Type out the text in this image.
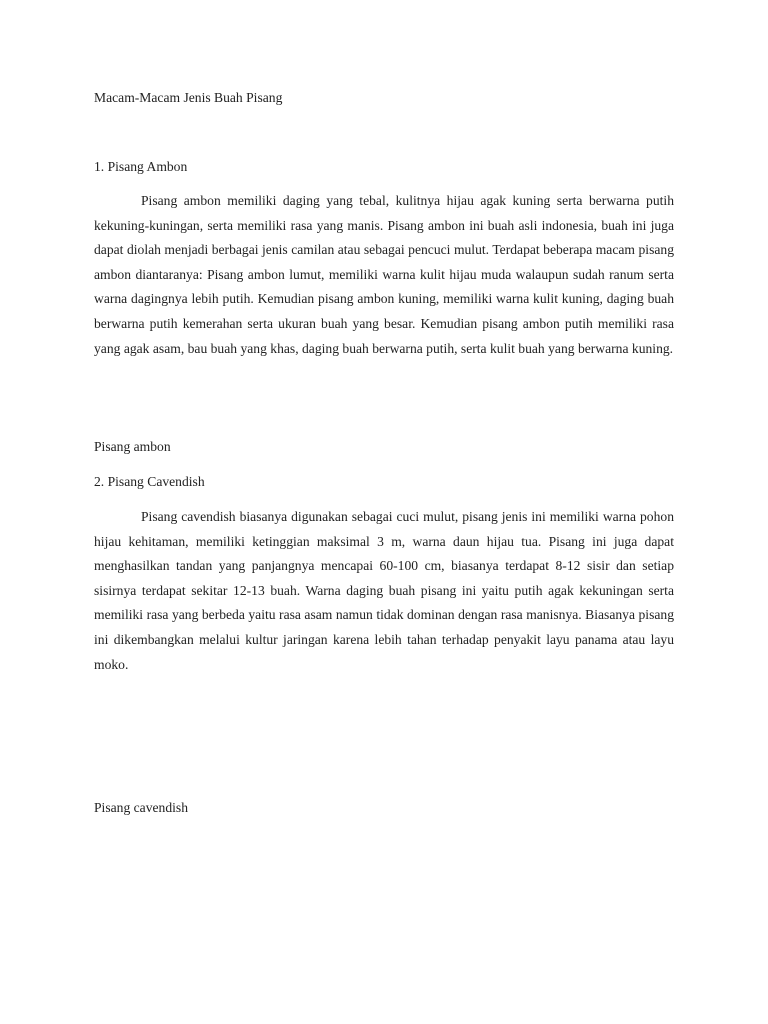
Macam-Macam Jenis Buah Pisang

1. Pisang Ambon

Pisang ambon memiliki daging yang tebal, kulitnya hijau agak kuning serta berwarna putih kekuning-kuningan, serta memiliki rasa yang manis. Pisang ambon ini buah asli indonesia, buah ini juga dapat diolah menjadi berbagai jenis camilan atau sebagai pencuci mulut. Terdapat beberapa macam pisang ambon diantaranya: Pisang ambon lumut, memiliki warna kulit hijau muda walaupun sudah ranum serta warna dagingnya lebih putih. Kemudian pisang ambon kuning, memiliki warna kulit kuning, daging buah berwarna putih kemerahan serta ukuran buah yang besar. Kemudian pisang ambon putih memiliki rasa yang agak asam, bau buah yang khas, daging buah berwarna putih, serta kulit buah yang berwarna kuning.

Pisang ambon

2. Pisang Cavendish

Pisang cavendish biasanya digunakan sebagai cuci mulut, pisang jenis ini memiliki warna pohon hijau kehitaman, memiliki ketinggian maksimal 3 m, warna daun hijau tua. Pisang ini juga dapat menghasilkan tandan yang panjangnya mencapai 60-100 cm, biasanya terdapat 8-12 sisir dan setiap sisirnya terdapat sekitar 12-13 buah. Warna daging buah pisang ini yaitu putih agak kekuningan serta memiliki rasa yang berbeda yaitu rasa asam namun tidak dominan dengan rasa manisnya. Biasanya pisang ini dikembangkan melalui kultur jaringan karena lebih tahan terhadap penyakit layu panama atau layu moko.

Pisang cavendish
